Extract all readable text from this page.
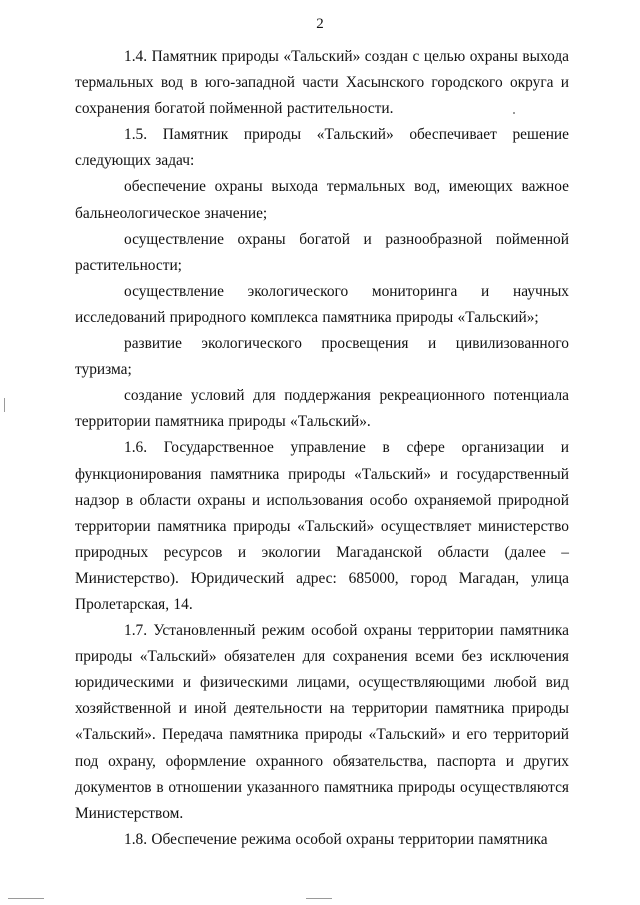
2

1.4. Памятник природы «Тальский» создан с целью охраны выхода термальных вод в юго-западной части Хасынского городского округа и сохранения богатой пойменной растительности.

1.5. Памятник природы «Тальский» обеспечивает решение следующих задач:

обеспечение охраны выхода термальных вод, имеющих важное бальнеологическое значение;

осуществление охраны богатой и разнообразной пойменной растительности;

осуществление экологического мониторинга и научных исследований природного комплекса памятника природы «Тальский»;

развитие экологического просвещения и цивилизованного туризма;

создание условий для поддержания рекреационного потенциала территории памятника природы «Тальский».

1.6. Государственное управление в сфере организации и функционирования памятника природы «Тальский» и государственный надзор в области охраны и использования особо охраняемой природной территории памятника природы «Тальский» осуществляет министерство природных ресурсов и экологии Магаданской области (далее – Министерство). Юридический адрес: 685000, город Магадан, улица Пролетарская, 14.

1.7. Установленный режим особой охраны территории памятника природы «Тальский» обязателен для сохранения всеми без исключения юридическими и физическими лицами, осуществляющими любой вид хозяйственной и иной деятельности на территории памятника природы «Тальский». Передача памятника природы «Тальский» и его территорий под охрану, оформление охранного обязательства, паспорта и других документов в отношении указанного памятника природы осуществляются Министерством.

1.8. Обеспечение режима особой охраны территории памятника
